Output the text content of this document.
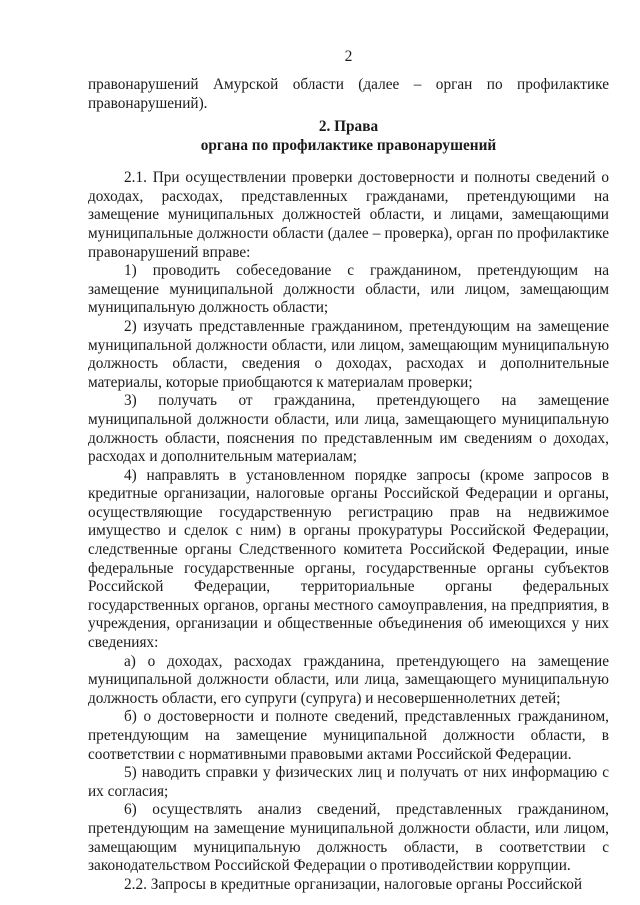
2

правонарушений Амурской области (далее – орган по профилактике правонарушений).

2. Права

органа по профилактике правонарушений

2.1. При осуществлении проверки достоверности и полноты сведений о доходах, расходах, представленных гражданами, претендующими на замещение муниципальных должностей области, и лицами, замещающими муниципальные должности области (далее – проверка), орган по профилактике правонарушений вправе:

1) проводить собеседование с гражданином, претендующим на замещение муниципальной должности области, или лицом, замещающим муниципальную должность области;

2) изучать представленные гражданином, претендующим на замещение муниципальной должности области, или лицом, замещающим муниципальную должность области, сведения о доходах, расходах и дополнительные материалы, которые приобщаются к материалам проверки;

3) получать от гражданина, претендующего на замещение муниципальной должности области, или лица, замещающего муниципальную должность области, пояснения по представленным им сведениям о доходах, расходах и дополнительным материалам;

4) направлять в установленном порядке запросы (кроме запросов в кредитные организации, налоговые органы Российской Федерации и органы, осуществляющие государственную регистрацию прав на недвижимое имущество и сделок с ним) в органы прокуратуры Российской Федерации, следственные органы Следственного комитета Российской Федерации, иные федеральные государственные органы, государственные органы субъектов Российской Федерации, территориальные органы федеральных государственных органов, органы местного самоуправления, на предприятия, в учреждения, организации и общественные объединения об имеющихся у них сведениях:

а) о доходах, расходах гражданина, претендующего на замещение муниципальной должности области, или лица, замещающего муниципальную должность области, его супруги (супруга) и несовершеннолетних детей;

б) о достоверности и полноте сведений, представленных гражданином, претендующим на замещение муниципальной должности области, в соответствии с нормативными правовыми актами Российской Федерации.

5) наводить справки у физических лиц и получать от них информацию с их согласия;

6) осуществлять анализ сведений, представленных гражданином, претендующим на замещение муниципальной должности области, или лицом, замещающим муниципальную должность области, в соответствии с законодательством Российской Федерации о противодействии коррупции.

2.2. Запросы в кредитные организации, налоговые органы Российской
